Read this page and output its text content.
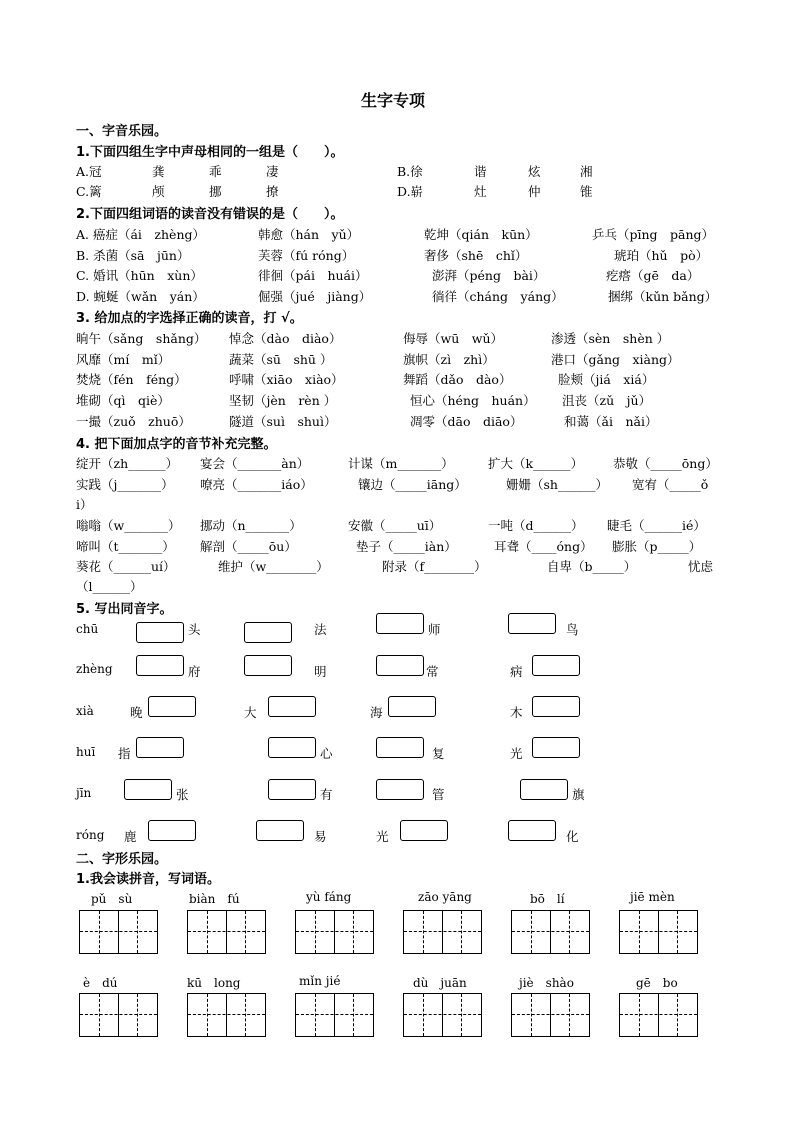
生字专项
一、字音乐园。
1.下面四组生字中声母相同的一组是（　　）。
A.冠	龚	乖	凄	B.徐	谐	炫	湘
C.篱	颅	挪	撩	D.崭	灶	仲	锥
2.下面四组词语的读音没有错误的是（　　）。
A. 癌症（ái　zhèng）	韩愈（hán　yǔ）	乾坤（qián　kūn）	乒乓（pīng　pāng）
B. 杀菌（sā　jūn）	芙蓉（fú róng）	奢侈（shē　chǐ）	琥珀（hǔ　pò）
C. 婚讯（hūn　xùn）	徘徊（pái　huái）	澎湃（péng　bài）	疙瘩（gē　da）
D. 蜿蜒（wǎn　yán）	倔强（jué　jiàng）	徜徉（cháng　yáng）	捆绑（kǔn bǎng）
3. 给加点的字选择正确的读音，打 √。
晌午（sǎng　shǎng） 悼念（dào　diào）	侮辱（wū　wǔ）	渗透（sèn　shèn ）
风靡（mí　mǐ）	蔬菜（sū　shū ）	旗帜（zì　zhì）	港口（gǎng　xiàng）
焚烧（fén　féng）	呼啸（xiāo　xiào）	舞蹈（dǎo　dào）	脸颊（jiá　xiá）
堆砌（qì　qiè）	坚韧（jèn　rèn ）	恒心（héng　huán） 沮丧（zǔ　jǔ）
一撮（zuǒ　zhuō）	隧道（suì　shuì）	凋零（dāo　diāo）	和蔼（ǎi　nǎi）
4. 把下面加点字的音节补充完整。
绽开（zh______） 宴会（_______àn）	计谋（m_______）	扩大（k______） 恭敬（_____ōng）
实践（j_______） 嘹亮（_______iáo）	镶边（_____iāng）	姗姗（sh______） 宽宥（_____ǒ
i）
嗡嗡（w_______） 挪动（n_______）	安徽（_____uī）	一吨（d______） 睫毛（______ié）
啼叫（t_______） 解剖（_____ōu）	垫子（_____iàn）	耳聋（____óng） 膨胀（p_____）
葵花（______uí）	维护（w________）	附录（f________）	自卑（b_____）	忧虑
（l______）
5. 写出同音字。
chū	头	法	师	鸟
zhèng	府	明	常	病
xià	晚	大	海	木
huī 指	心	复	光
jīn	张	有	管	旗
róng 鹿	易	光	化
二、字形乐园。
1.我会读拼音，写词语。
pǔ　sù	biàn　fú	yù fáng	zāo yāng	bō　lí	jiē mèn
è　dú	kū　long	mǐn jié	dù　juān	jiè　shào	gē　bo
